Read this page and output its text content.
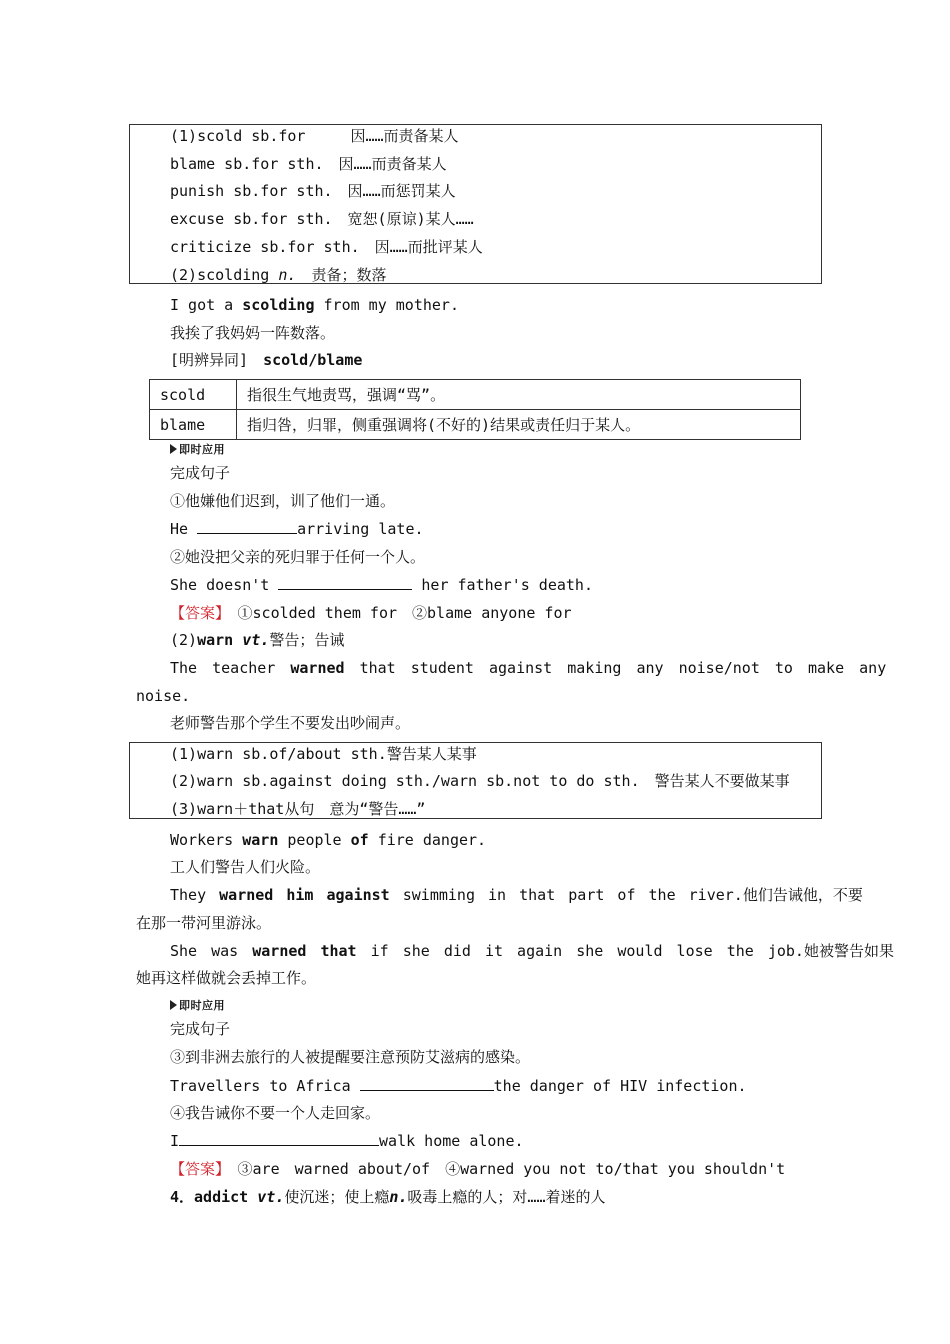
(1)scold sb.for　　　因……而责备某人
blame sb.for sth.　因……而责备某人
punish sb.for sth.　因……而惩罚某人
excuse sb.for sth.　宽恕(原谅)某人……
criticize sb.for sth.　因……而批评某人
(2)scolding n.　责备；数落
I got a scolding from my mother.
我挨了我妈妈一阵数落。
[明辨异同]　scold/blame
scold	指很生气地责骂，强调“骂”。
blame	指归咎，归罪，侧重强调将(不好的)结果或责任归于某人。
即时应用
完成句子
①他嫌他们迟到，训了他们一通。
He	arriving late.
②她没把父亲的死归罪于任何一个人。
She doesn't	her father's death.
【答案】　①scolded them for　②blame anyone for
(2)warn vt.警告；告诫
The teacher warned that student against making any noise/not to make any
noise.
老师警告那个学生不要发出吵闹声。
(1)warn sb.of/about sth.警告某人某事
(2)warn sb.against doing sth./warn sb.not to do sth.　警告某人不要做某事
(3)warn＋that从句　意为“警告……”
Workers warn people of fire danger.
工人们警告人们火险。
They warned him against swimming in that part of the river.他们告诫他，不要
在那一带河里游泳。
She was warned that if she did it again she would lose the job.她被警告如果
她再这样做就会丢掉工作。
即时应用
完成句子
③到非洲去旅行的人被提醒要注意预防艾滋病的感染。
Travellers to Africa	the danger of HIV infection.
④我告诫你不要一个人走回家。
I	walk home alone.
【答案】　③are　warned about/of　④warned you not to/that you shouldn't
4．addict vt.使沉迷；使上瘾n.吸毒上瘾的人；对……着迷的人
